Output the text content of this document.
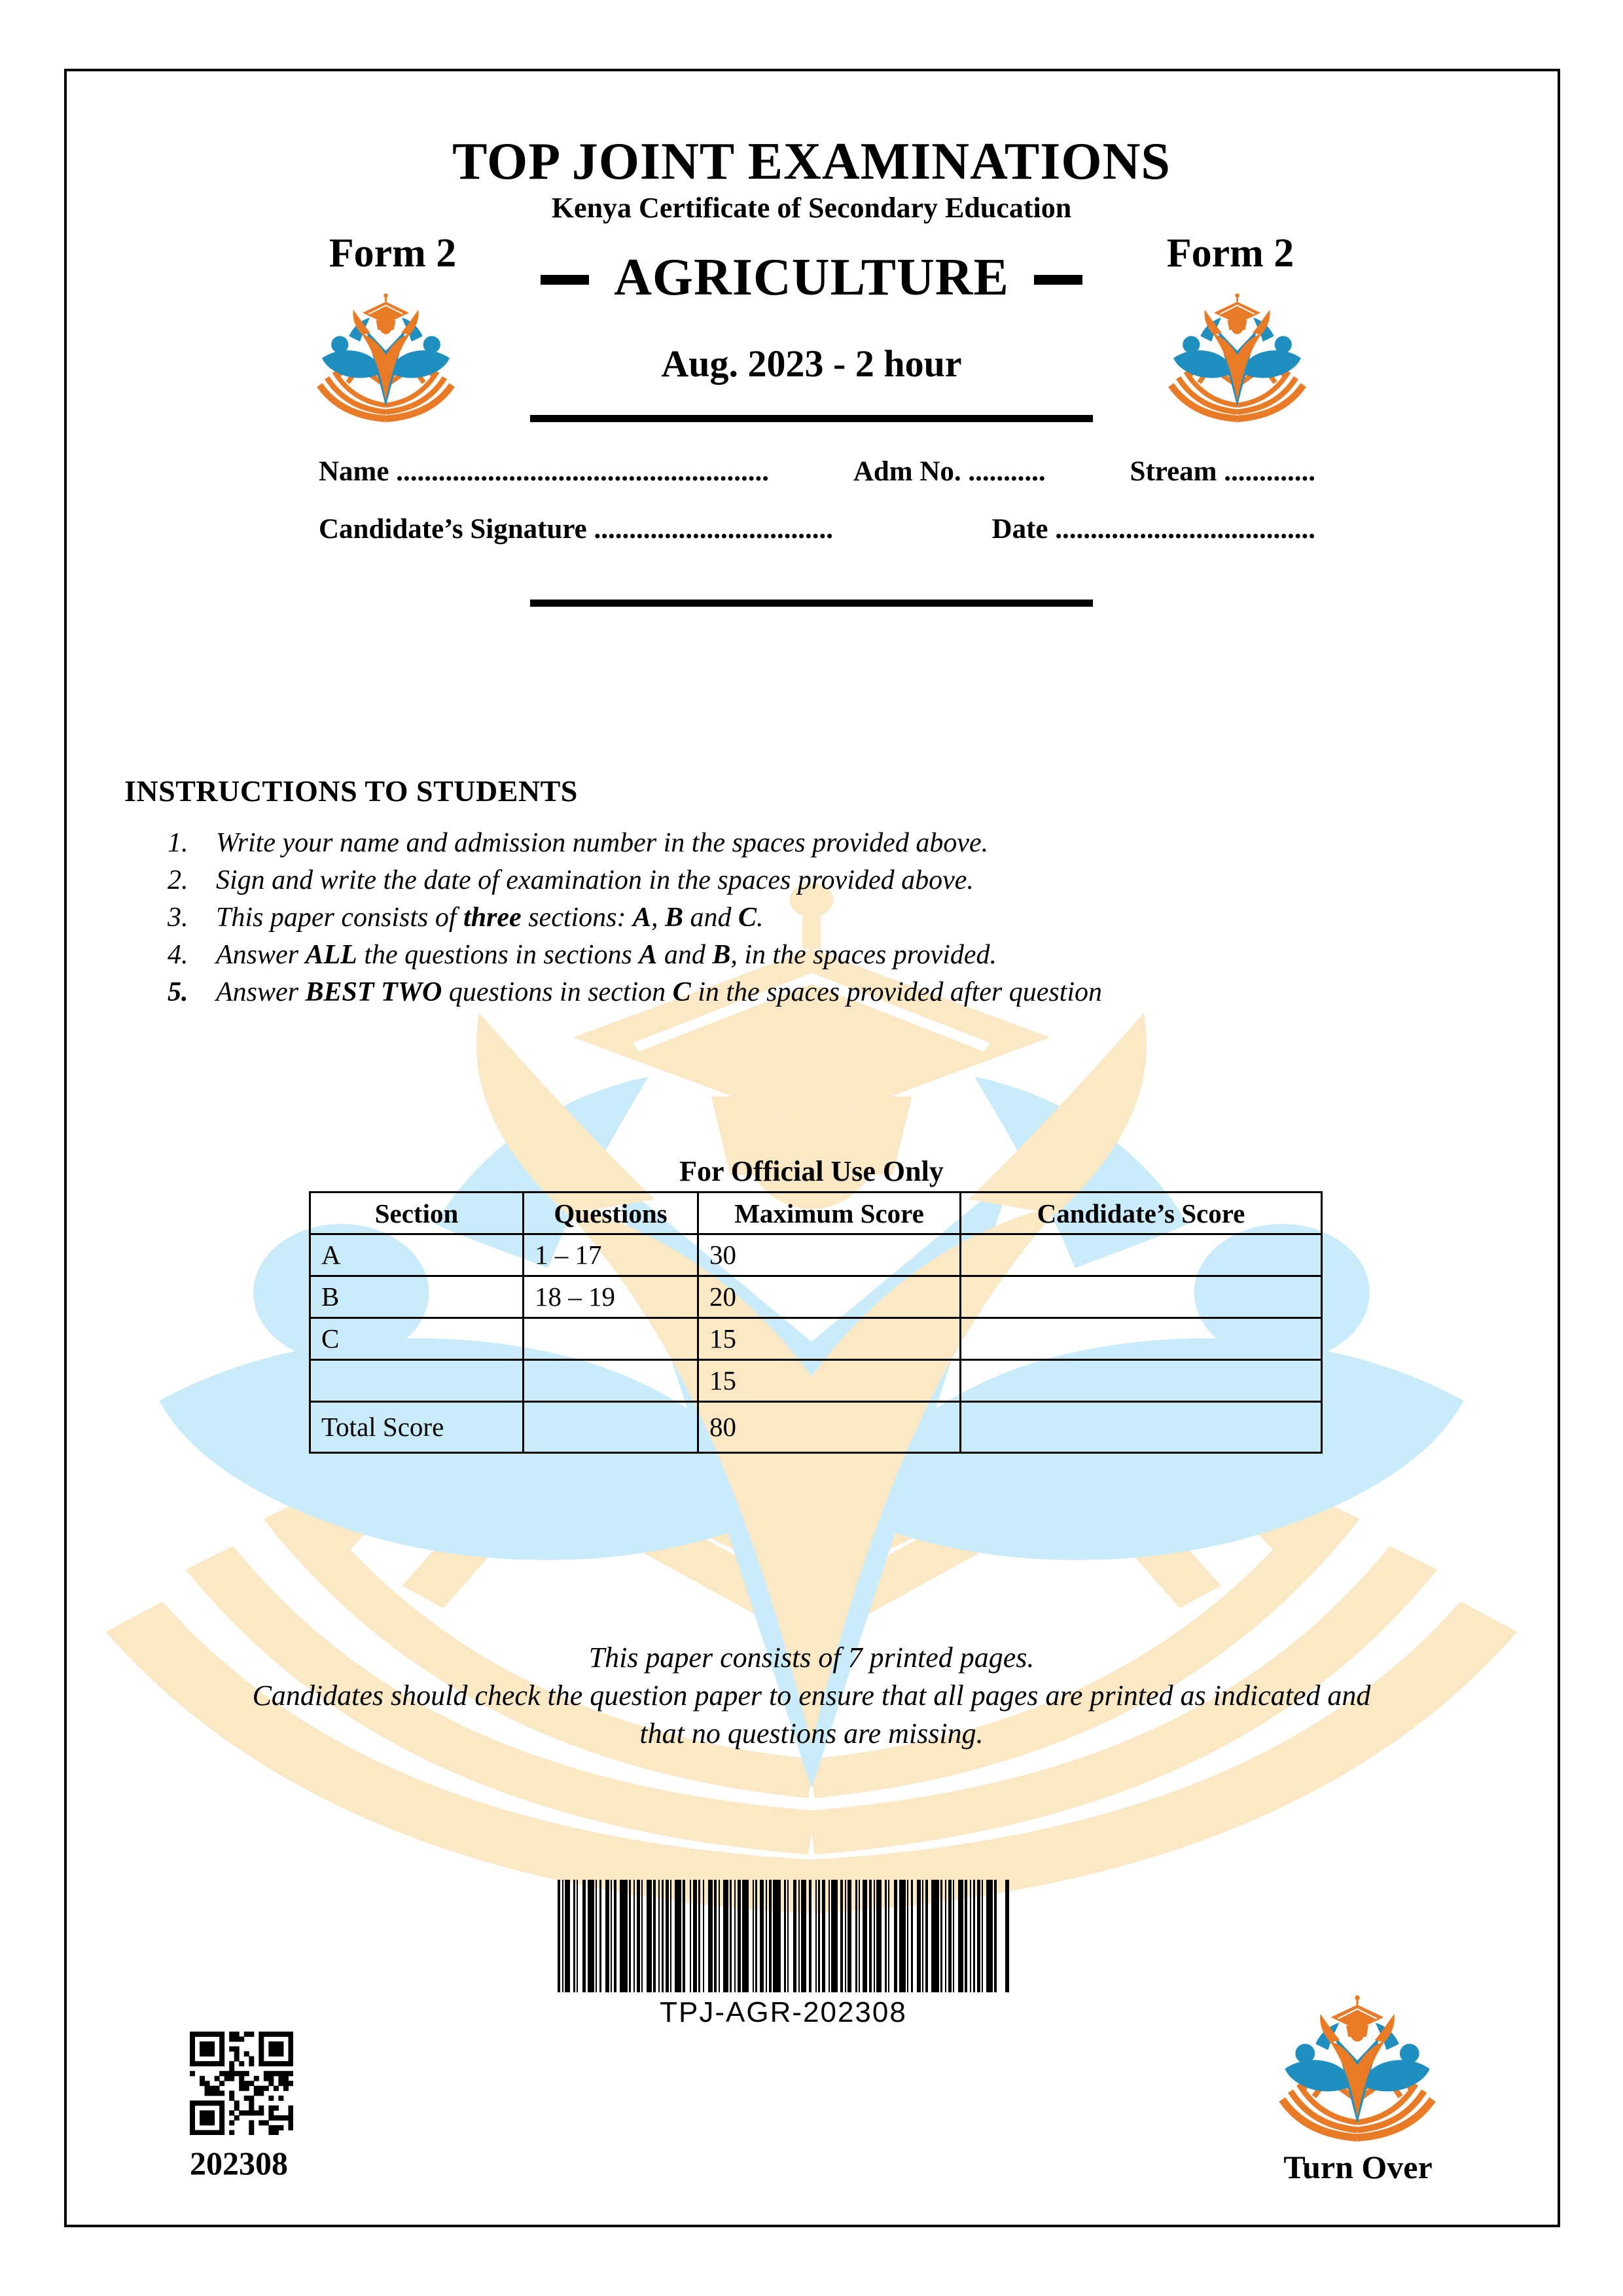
TOP JOINT EXAMINATIONS
Kenya Certificate of Secondary Education
Form 2	Form 2
AGRICULTURE
Aug. 2023 - 2 hour
Name .....................................................	Adm No. ...........	Stream .............
Candidate’s Signature ..................................	Date .....................................
INSTRUCTIONS TO STUDENTS
1.	Write your name and admission number in the spaces provided above.
2.	Sign and write the date of examination in the spaces provided above.
3.	This paper consists of three sections: A, B and C.
4.	Answer ALL the questions in sections A and B, in the spaces provided.
5.	Answer BEST TWO questions in section C in the spaces provided after question
For Official Use Only
Section	Questions	Maximum Score	Candidate’s Score
A	1 – 17	30	
B	18 – 19	20	
C		15	
		15	
Total Score		80	
This paper consists of 7 printed pages.
Candidates should check the question paper to ensure that all pages are printed as indicated and
that no questions are missing.
TPJ-AGR-202308
202308	Turn Over
